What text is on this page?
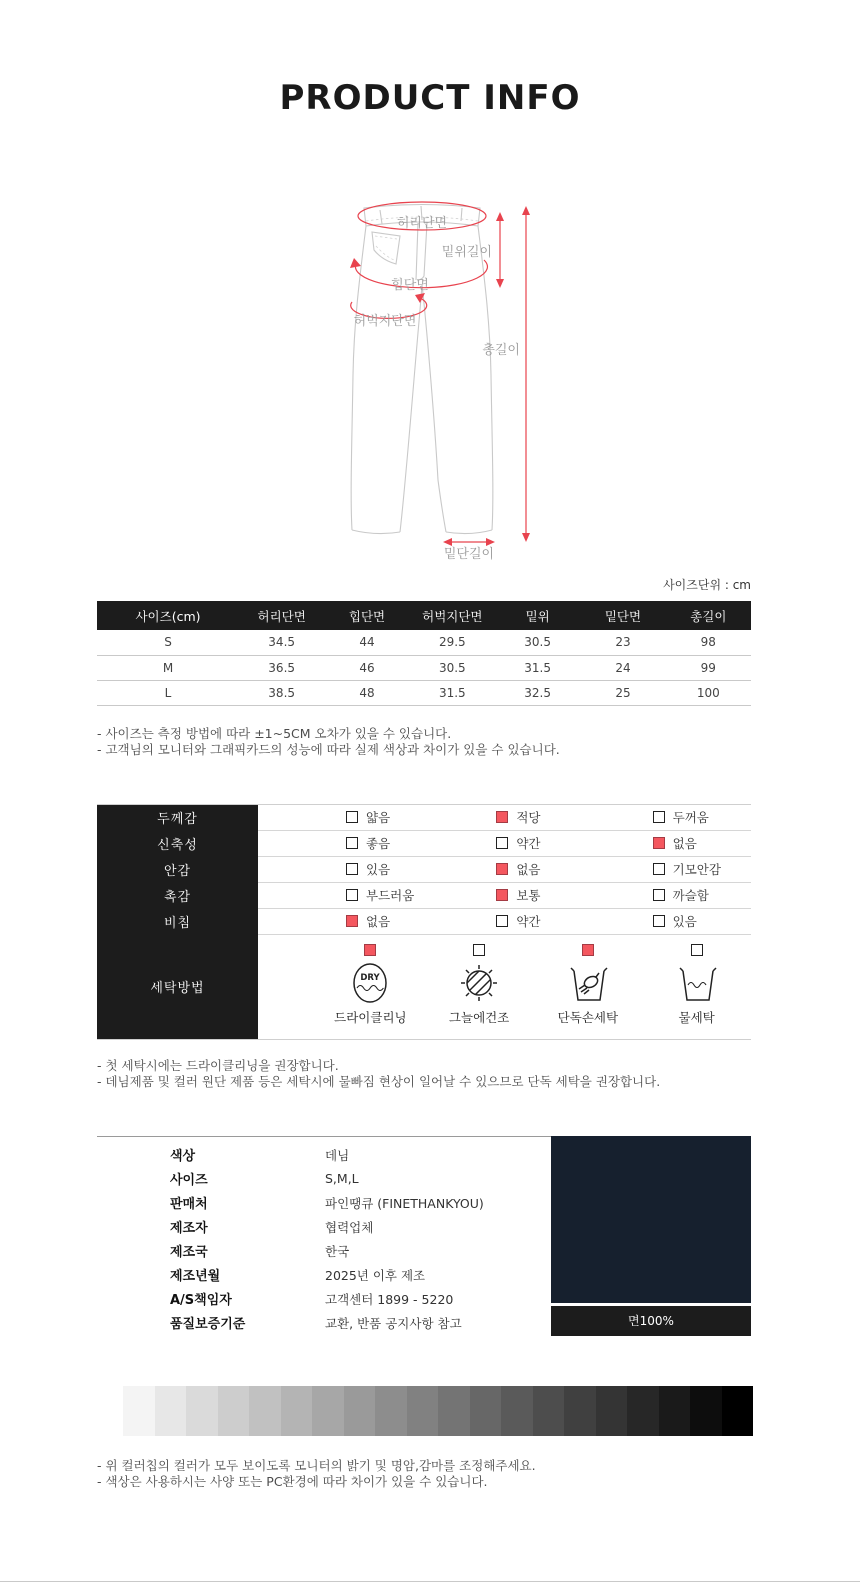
PRODUCT INFO
허리단면
밑위길이
힙단면
허벅지단면
총길이
밑단길이
사이즈단위 : cm
사이즈(cm)	허리단면	힙단면	허벅지단면	밑위	밑단면	총길이
S	34.5	44	29.5	30.5	23	98
M	36.5	46	30.5	31.5	24	99
L	38.5	48	31.5	32.5	25	100
- 사이즈는 측정 방법에 따라 ±1~5CM 오차가 있을 수 있습니다.
- 고객님의 모니터와 그래픽카드의 성능에 따라 실제 색상과 차이가 있을 수 있습니다.
두께감	얇음	적당	두꺼움
신축성	좋음	약간	없음
안감	있음	없음	기모안감
촉감	부드러움	보통	까슬함
비침	없음	약간	있음
세탁방법
DRY
드라이클리닝	그늘에건조	단독손세탁	물세탁
- 첫 세탁시에는 드라이클리닝을 권장합니다.
- 데님제품 및 컬러 원단 제품 등은 세탁시에 물빠짐 현상이 일어날 수 있으므로 단독 세탁을 권장합니다.
색상	데님
사이즈	S,M,L
판매처	파인땡큐 (FINETHANKYOU)
제조자	협력업체
제조국	한국
제조년월	2025년 이후 제조
A/S책임자	고객센터 1899 - 5220
품질보증기준	교환, 반품 공지사항 참고	면100%
- 위 컬러칩의 컬러가 모두 보이도록 모니터의 밝기 및 명암,감마를 조정해주세요.
- 색상은 사용하시는 사양 또는 PC환경에 따라 차이가 있을 수 있습니다.
